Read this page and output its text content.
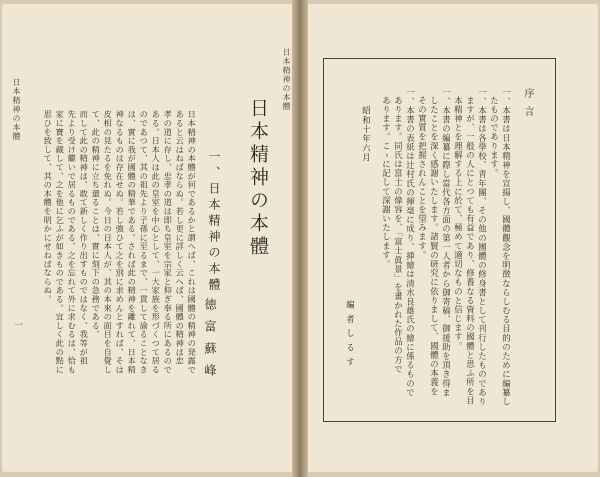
日本精神の本體
一
日本精神の本體
日本精神の本體
一、日本精神の本體
徳富蘇峰
日本精神の本體が何であるかと謂へば、これは國體の精神の発露で
あると云はねばならぬ。若し更に詳しく云へば、國體の精神は忠
孝の道に存し、忠孝の道は即ち皇室を宗家と仰ぎ奉る所にあるので
ある。日本人は此の皇室を中心として、一大家族を形づくつて居る
のであつて、其の祖先より子孫に至るまで、一貫して渝ることなき
は、實に我が國體の精華である。されば此の精神を離れて、日本精
神なるものは存在せぬ。若し強ひて之を別に求めんとすれば、そは
皮相の見たるを免れぬ。今日の日本人が、其の本來の面目を自覺し
て、此の精神に立ち還ることは、實に刻下の急務である。
而して此の精神は、敢て新しく作り出すものではなく、我等が祖
先より受け繼いで居るものである。之を忘れて外に求むるは、恰も
家に寶を藏して、之を他に乞ふが如きものである。宜しく此の點に
思ひを致して、其の本體を明かにせねばならぬ。
序言
一、本書は日本精神を宣揚し、國體觀念を明徴ならしむる目的のために編纂し
たものであります。
一、本書は各學校、青年團、その他の團體の修身書として刊行したものであり
ますが、一般の人にとつても有益であり、修養なる資料の國體と思ふ所を目
本精神とを理解する上に於て、極めて適切なものと信じます。
一、本書の編纂に際し當代各方面の第一人者から御寄稿、御援助を頂き得ま
したことを深く感謝いたします。諸賢の研究に依りまして、國體の本義を
その實質を把握されんことを望みます。
一、本書の表紙は辻村氏の揮毫に成り、挿繪は清水良雄氏の繪に係るもので
あります。同氏は富士の偉容を、「富士眞景」を畫かれた作品の方で
あります。こゝに記して深謝いたします。
昭和十年六月
編者しるす
